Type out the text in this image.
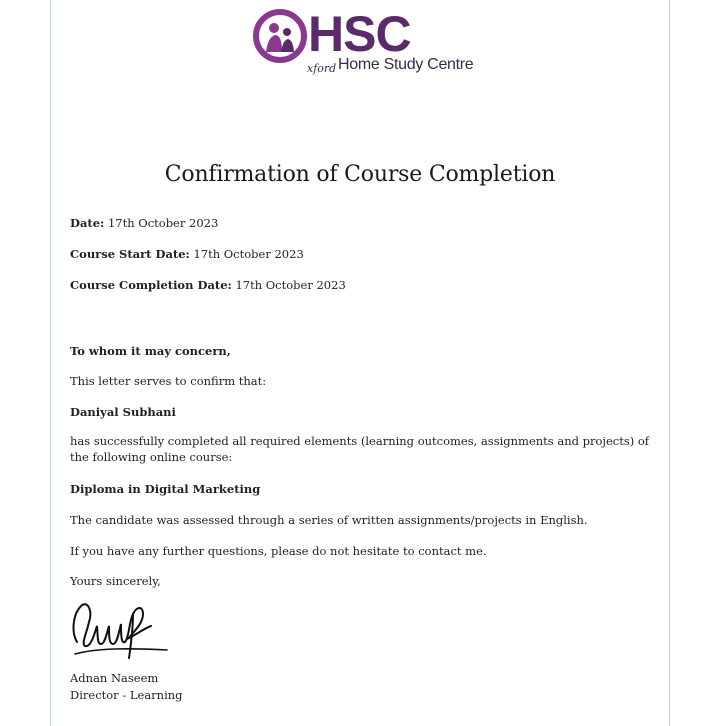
HSC
xford Home Study Centre
Confirmation of Course Completion
Date: 17th October 2023
Course Start Date: 17th October 2023
Course Completion Date: 17th October 2023
To whom it may concern,
This letter serves to confirm that:
Daniyal Subhani
has successfully completed all required elements (learning outcomes, assignments and projects) of the following online course:
Diploma in Digital Marketing
The candidate was assessed through a series of written assignments/projects in English.
If you have any further questions, please do not hesitate to contact me.
Yours sincerely,
Adnan Naseem
Director - Learning
